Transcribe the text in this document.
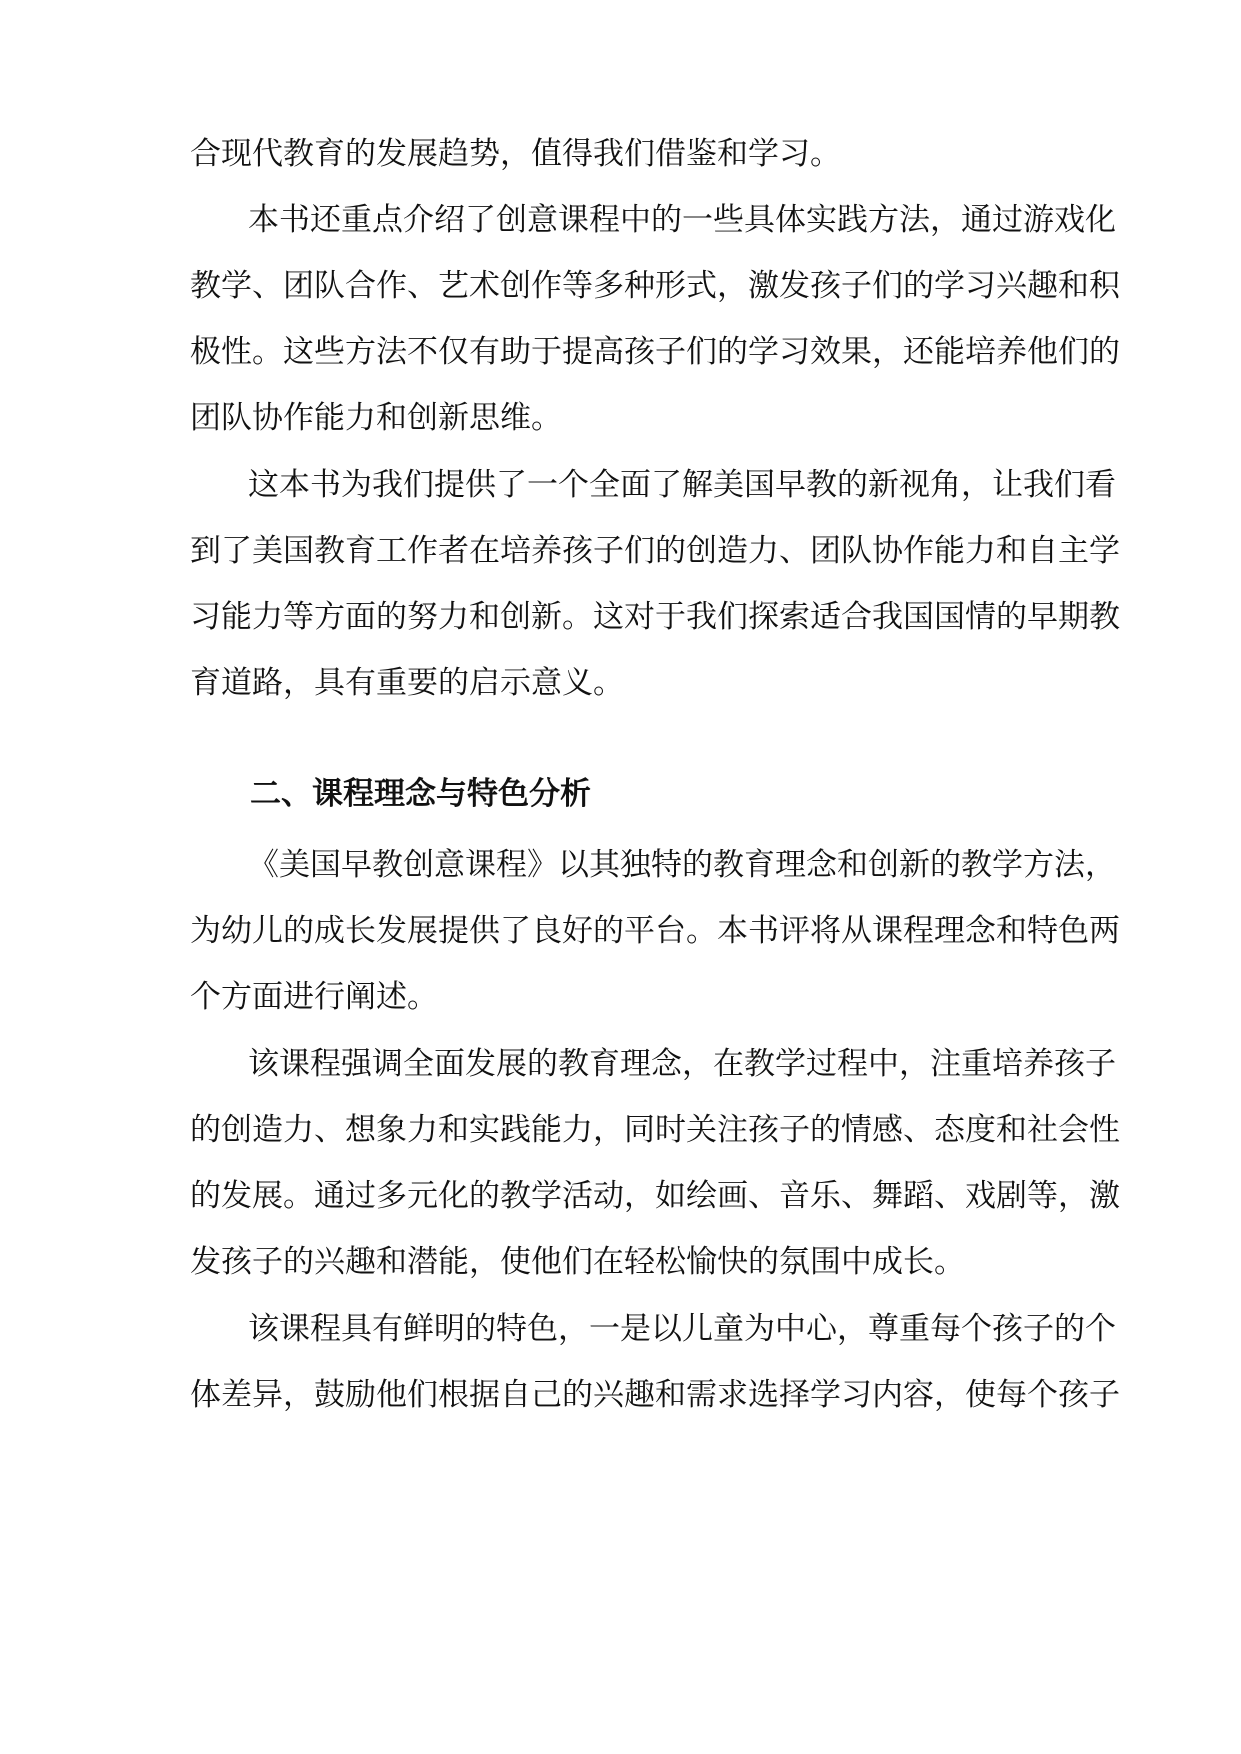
合现代教育的发展趋势，值得我们借鉴和学习。
本书还重点介绍了创意课程中的一些具体实践方法，通过游戏化
教学、团队合作、艺术创作等多种形式，激发孩子们的学习兴趣和积
极性。这些方法不仅有助于提高孩子们的学习效果，还能培养他们的
团队协作能力和创新思维。
这本书为我们提供了一个全面了解美国早教的新视角，让我们看
到了美国教育工作者在培养孩子们的创造力、团队协作能力和自主学
习能力等方面的努力和创新。这对于我们探索适合我国国情的早期教
育道路，具有重要的启示意义。
二、课程理念与特色分析
《美国早教创意课程》以其独特的教育理念和创新的教学方法，
为幼儿的成长发展提供了良好的平台。本书评将从课程理念和特色两
个方面进行阐述。
该课程强调全面发展的教育理念，在教学过程中，注重培养孩子
的创造力、想象力和实践能力，同时关注孩子的情感、态度和社会性
的发展。通过多元化的教学活动，如绘画、音乐、舞蹈、戏剧等，激
发孩子的兴趣和潜能，使他们在轻松愉快的氛围中成长。
该课程具有鲜明的特色，一是以儿童为中心，尊重每个孩子的个
体差异，鼓励他们根据自己的兴趣和需求选择学习内容，使每个孩子
